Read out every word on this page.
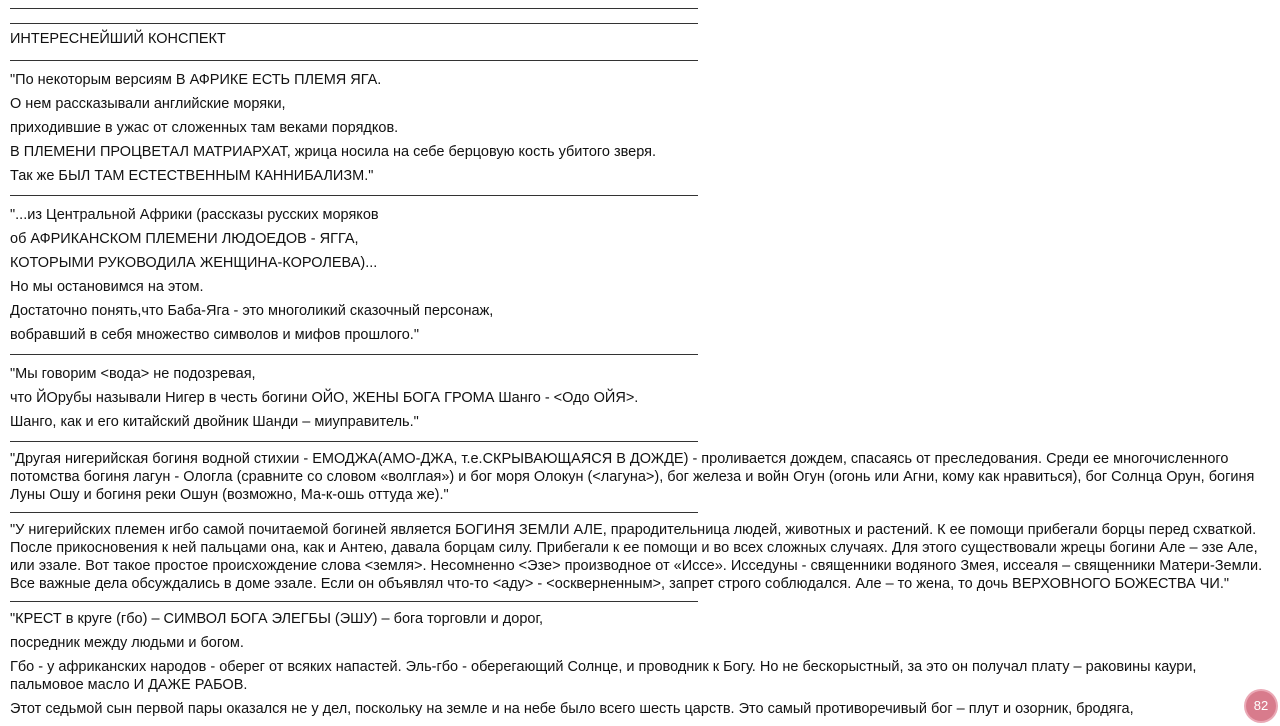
ИНТЕРЕСНЕЙШИЙ КОНСПЕКТ

"По некоторым версиям В АФРИКЕ ЕСТЬ ПЛЕМЯ ЯГА.

О нем рассказывали английские моряки,

приходившие в ужас от сложенных там веками порядков.

В ПЛЕМЕНИ ПРОЦВЕТАЛ МАТРИАРХАТ, жрица носила на себе берцовую кость убитого зверя.

Так же БЫЛ ТАМ ЕСТЕСТВЕННЫМ КАННИБАЛИЗМ."

"...из Центральной Африки (рассказы русских моряков

об АФРИКАНСКОМ ПЛЕМЕНИ ЛЮДОЕДОВ - ЯГГА,

КОТОРЫМИ РУКОВОДИЛА ЖЕНЩИНА-КОРОЛЕВА)...

Но мы остановимся на этом.

Достаточно понять,что Баба-Яга - это многоликий сказочный персонаж,

вобравший в себя множество символов и мифов прошлого."

"Мы говорим <вода> не подозревая,

что ЙОрубы называли Нигер в честь богини ОЙО, ЖЕНЫ БОГА ГРОМА Шанго - <Одо ОЙЯ>.

Шанго, как и его китайский двойник Шанди – миуправитель."

"Другая нигерийская богиня водной стихии - ЕМОДЖА(АМО-ДЖА, т.е.СКРЫВАЮЩАЯСЯ В ДОЖДЕ) - проливается дождем, спасаясь от преследования. Среди ее многочисленного потомства богиня лагун - Ологла (сравните со словом «волглая») и бог моря Олокун (<лагуна>), бог железа и войн Огун (огонь или Агни, кому как нравиться), бог Солнца Орун, богиня Луны Ошу и богиня реки Ошун (возможно, Ма-к-ошь оттуда же)."

"У нигерийских племен игбо самой почитаемой богиней является БОГИНЯ ЗЕМЛИ АЛЕ, прародительница людей, животных и растений. К ее помощи прибегали борцы перед схваткой. После прикосновения к ней пальцами она, как и Антею, давала борцам силу. Прибегали к ее помощи и во всех сложных случаях. Для этого существовали жрецы богини Але – эзе Але, или эзале. Вот такое простое происхождение слова <земля>. Несомненно <Эзе> производное от «Иссе». Исседуны - священники водяного Змея, иссеаля – священники Матери-Земли. Все важные дела обсуждались в доме эзале. Если он объявлял что-то <аду> - <оскверненным>, запрет строго соблюдался. Але – то жена, то дочь ВЕРХОВНОГО БОЖЕСТВА ЧИ."

"КРЕСТ в круге (гбо) – СИМВОЛ БОГА ЭЛЕГБЫ (ЭШУ) – бога торговли и дорог,

посредник между людьми и богом.

Гбо - у африканских народов - оберег от всяких напастей. Эль-гбо - оберегающий Солнце, и проводник к Богу. Но не бескорыстный, за это он получал плату – раковины каури, пальмовое масло И ДАЖЕ РАБОВ.

Этот седьмой сын первой пары оказался не у дел, поскольку на земле и на небе было всего шесть царств. Это самый противоречивый бог – плут и озорник, бродяга,	82
